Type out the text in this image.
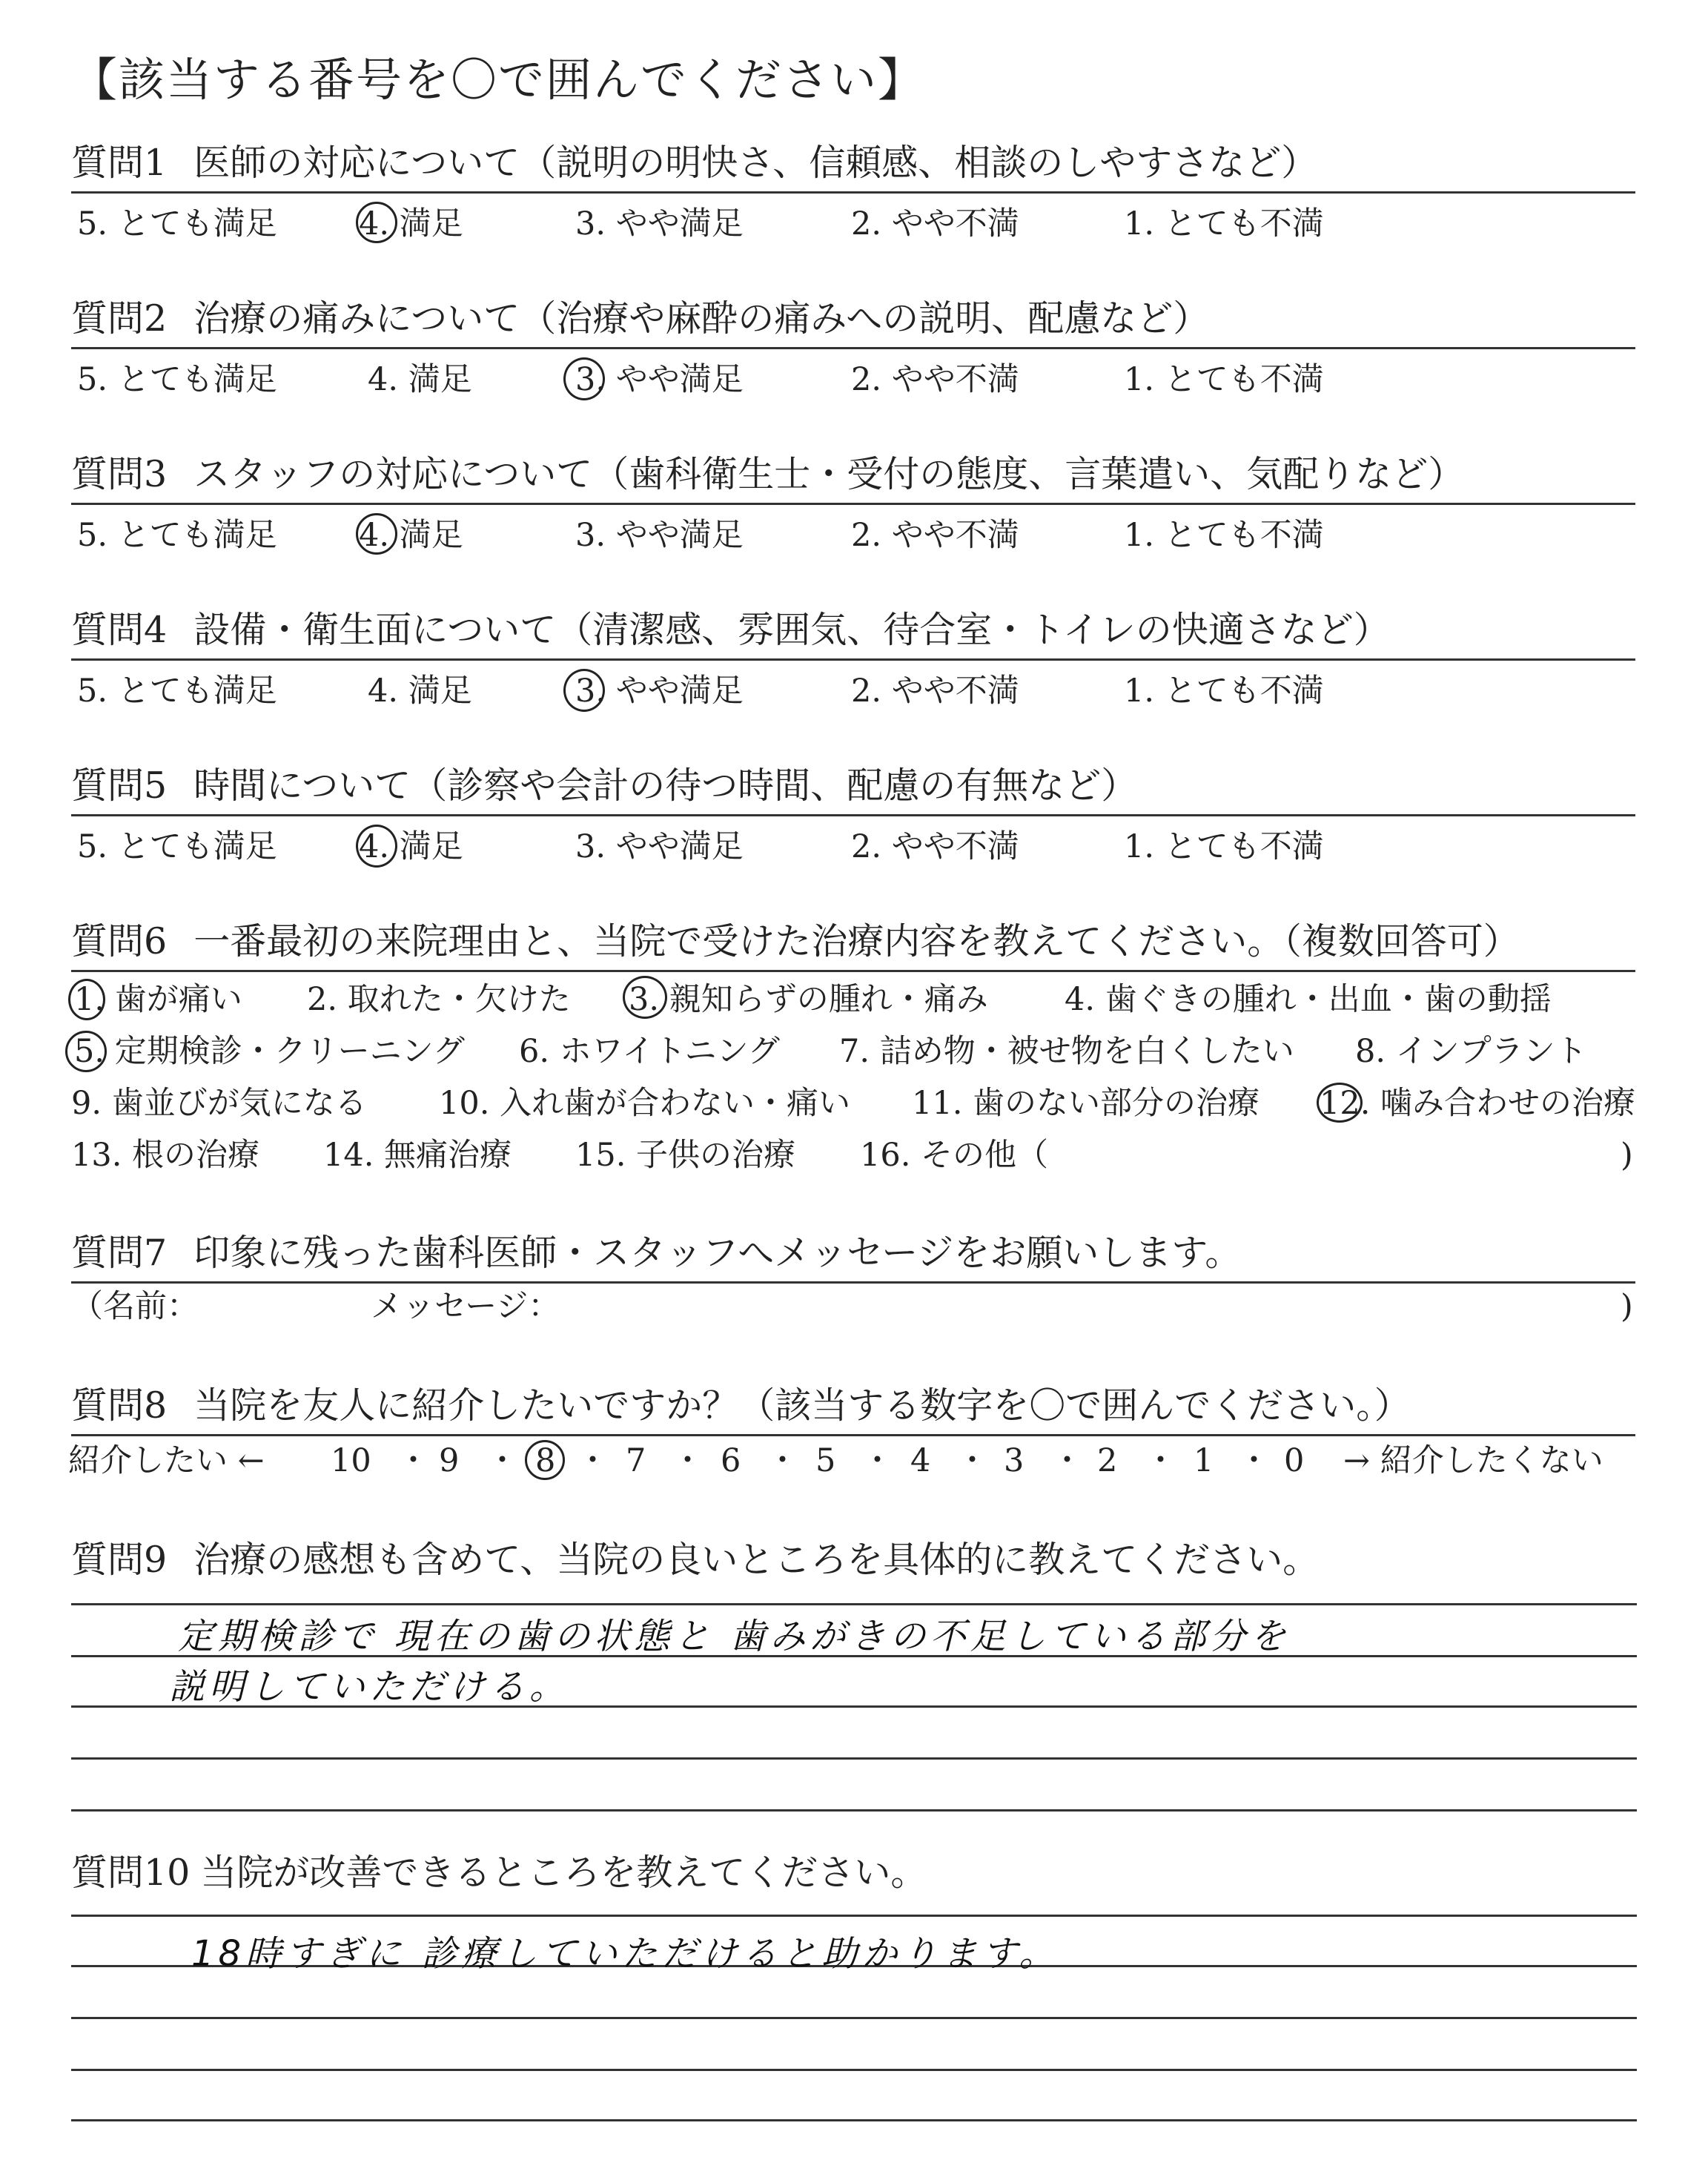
【該当する番号を〇で囲んでください】
質問1 医師の対応について（説明の明快さ、信頼感、相談のしやすさなど）
5. とても満足	4. 満足	3. やや満足	2. やや不満	1. とても不満
質問2 治療の痛みについて（治療や麻酔の痛みへの説明、配慮など）
5. とても満足	4. 満足	3. やや満足	2. やや不満	1. とても不満
質問3 スタッフの対応について（歯科衛生士・受付の態度、言葉遣い、気配りなど）
5. とても満足	4. 満足	3. やや満足	2. やや不満	1. とても不満
質問4 設備・衛生面について（清潔感、雰囲気、待合室・トイレの快適さなど）
5. とても満足	4. 満足	3. やや満足	2. やや不満	1. とても不満
質問5 時間について（診察や会計の待つ時間、配慮の有無など）
5. とても満足	4. 満足	3. やや満足	2. やや不満	1. とても不満
質問6 一番最初の来院理由と、当院で受けた治療内容を教えてください。（複数回答可）
1. 歯が痛い 2. 取れた・欠けた 3. 親知らずの腫れ・痛み 4. 歯ぐきの腫れ・出血・歯の動揺
5. 定期検診・クリーニング 6. ホワイトニング 7. 詰め物・被せ物を白くしたい 8. インプラント
9. 歯並びが気になる 10. 入れ歯が合わない・痛い 11. 歯のない部分の治療 12. 噛み合わせの治療
13. 根の治療 14. 無痛治療 15. 子供の治療 16. その他（	)
質問7 印象に残った歯科医師・スタッフへメッセージをお願いします。
（名前：	メッセージ：	)
質問8 当院を友人に紹介したいですか？（該当する数字を〇で囲んでください。）
紹介したい ← 10 ・ 9 ・ 8 ・ 7 ・ 6 ・ 5 ・ 4 ・ 3 ・ 2 ・ 1 ・ 0 → 紹介したくない
質問9 治療の感想も含めて、当院の良いところを具体的に教えてください。
定期検診で 現在の歯の状態と 歯みがきの不足している部分を
説明していただける。
質問10 当院が改善できるところを教えてください。
18時すぎに 診療していただけると助かります。
